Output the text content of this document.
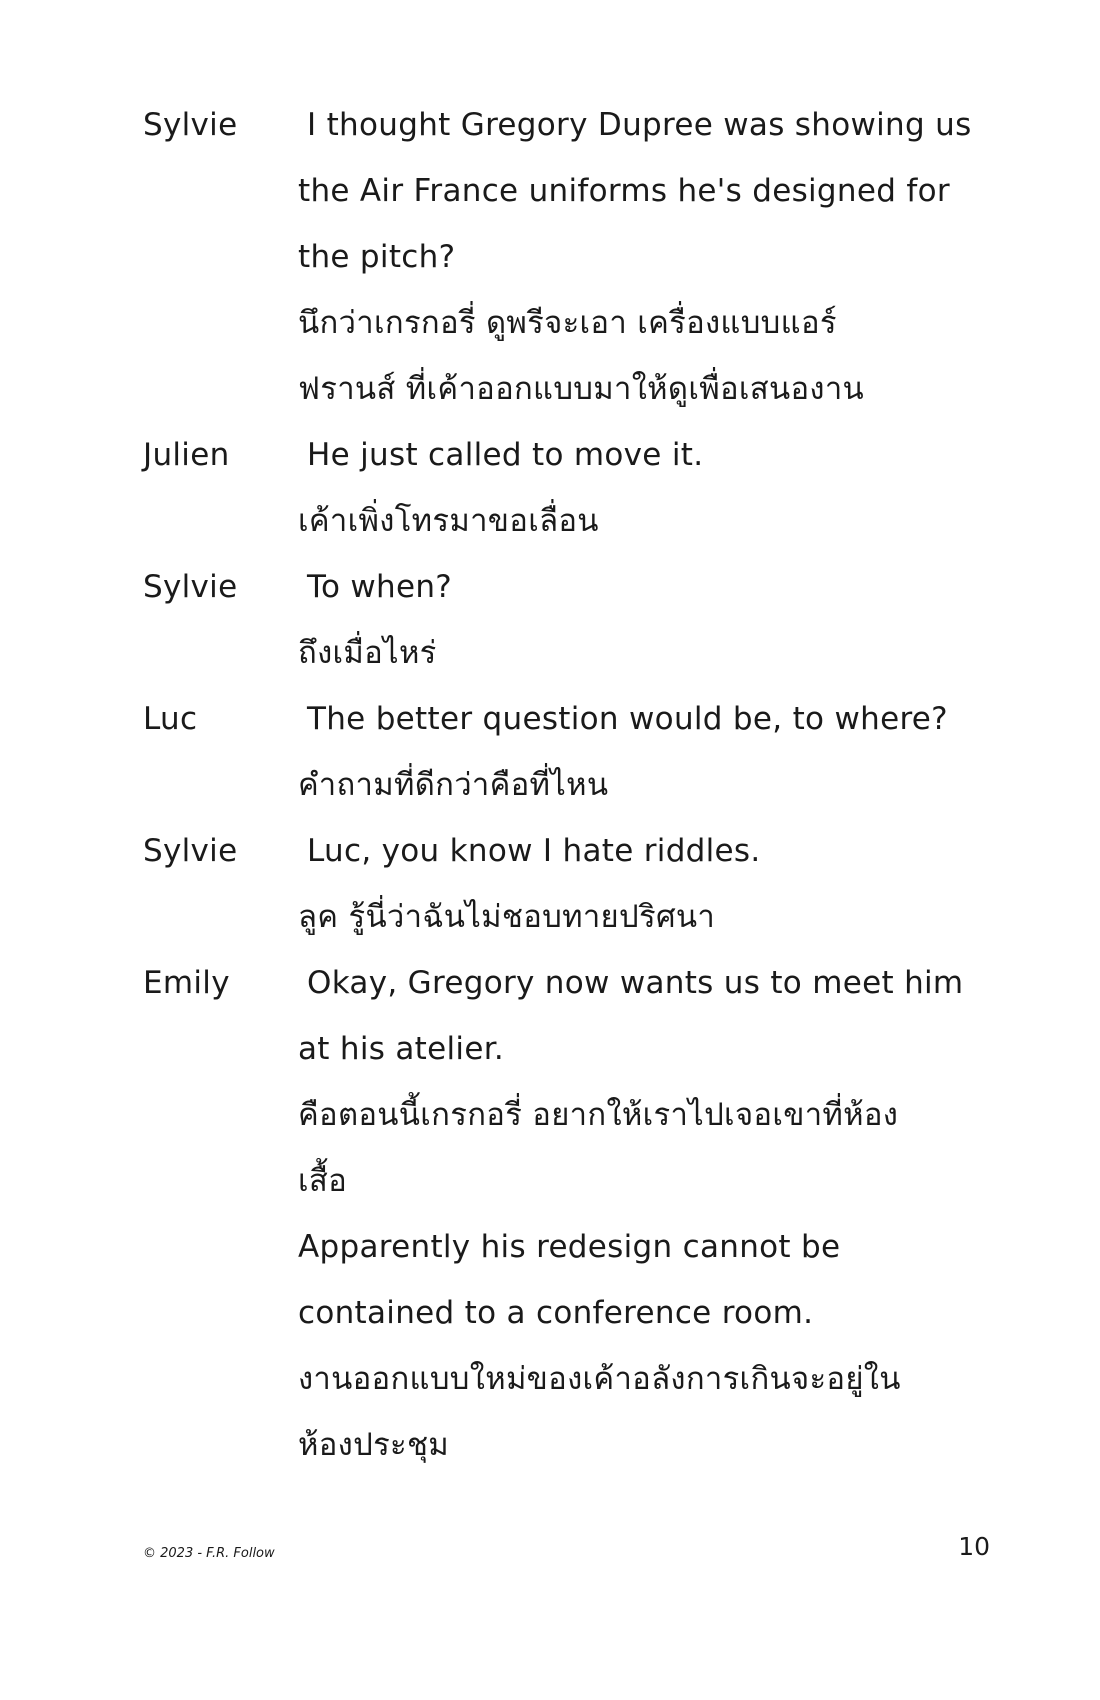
Sylvie	I thought Gregory Dupree was showing us
the Air France uniforms he's designed for
the pitch?
นึกว่าเกรกอรี่ ดูพรีจะเอา เครื่องแบบแอร์
ฟรานส์ ที่เค้าออกแบบมาให้ดูเพื่อเสนองาน
Julien	He just called to move it.
เค้าเพิ่งโทรมาขอเลื่อน
Sylvie	To when?
ถึงเมื่อไหร่
Luc	The better question would be, to where?
คำถามที่ดีกว่าคือที่ไหน
Sylvie	Luc, you know I hate riddles.
ลูค รู้นี่ว่าฉันไม่ชอบทายปริศนา
Emily	Okay, Gregory now wants us to meet him
at his atelier.
คือตอนนี้เกรกอรี่ อยากให้เราไปเจอเขาที่ห้อง
เสื้อ
Apparently his redesign cannot be
contained to a conference room.
งานออกแบบใหม่ของเค้าอลังการเกินจะอยู่ใน
ห้องประชุม
© 2023 - F.R. Follow	10
